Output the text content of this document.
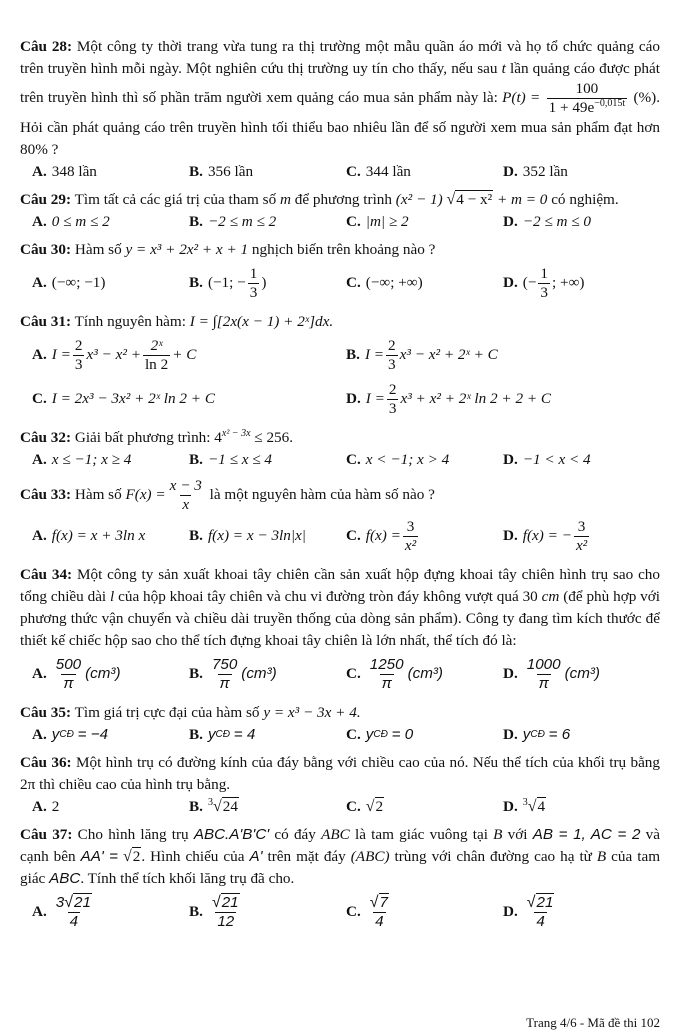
Câu 28: Một công ty thời trang vừa tung ra thị trường một mẫu quần áo mới và họ tổ chức quảng cáo trên truyền hình mỗi ngày. Một nghiên cứu thị trường uy tín cho thấy, nếu sau t lần quảng cáo được phát trên truyền hình thì số phần trăm người xem quảng cáo mua sản phẩm này là: $P(t) = \frac{100}{1 + 49e^{-0,015t}}$ (%). Hỏi cần phát quảng cáo trên truyền hình tối thiểu bao nhiêu lần để số người xem mua sản phẩm đạt hơn 80% ?

A. 348 lần	B. 356 lần	C. 344 lần	D. 352 lần

Câu 29: Tìm tất cả các giá trị của tham số m để phương trình (x² − 1) √4 − x² + m = 0 có nghiệm.

A. 0 ≤ m ≤ 2	B. −2 ≤ m ≤ 2	C. |m| ≥ 2	D. −2 ≤ m ≤ 0

Câu 30: Hàm số y = x³ + 2x² + x + 1 nghịch biến trên khoảng nào ?

A. (−∞; −1)	B. (−1; − $\frac{1}{3}$ )	C. (−∞; +∞)	D. (− $\frac{1}{3}$ ; +∞)

Câu 31: Tính nguyên hàm: I = ∫[2x(x − 1) + 2ˣ]dx.

A. $I = \frac{2}{3} x^3 - x^2 + \frac{\text{2ˣ}}{\ln 2} + C$	B. $I = \frac{2}{3} x^3 - x^2$ + 2ˣ + C
C. I = 2x³ − 3x² + 2ˣ ln 2 + C	D. $I = \frac{2}{3} x^3 + x^2$ + 2ˣ ln 2 + 2 + C

Câu 32: Giải bất phương trình: $4^{x^2 - 3x} \le 256$.

A. x ≤ −1; x ≥ 4	B. −1 ≤ x ≤ 4	C. x < −1; x > 4	D. −1 < x < 4

Câu 33: Hàm số $F(x) = \frac{x - 3}{x}$ là một nguyên hàm của hàm số nào ?

A. f(x) = x + 3ln x	B. f(x) = x − 3ln|x|	C. $f(x) = \frac{3}{\text{x²}}$	D. f(x) = − $\frac{3}{\text{x²}}$

Câu 34: Một công ty sản xuất khoai tây chiên cần sản xuất hộp đựng khoai tây chiên hình trụ sao cho tổng chiều dài l của hộp khoai tây chiên và chu vi đường tròn đáy không vượt quá 30 cm (để phù hợp với phương thức vận chuyển và chiều dài truyền thống của dòng sản phẩm). Công ty đang tìm kích thước để thiết kế chiếc hộp sao cho thể tích đựng khoai tây chiên là lớn nhất, thể tích đó là:

A.
500
π
(cm³)	B.
750
π
(cm³)	C.
1250
π
(cm³)	D.
1000
π
(cm³)

Câu 35: Tìm giá trị cực đại của hàm số y = x³ − 3x + 4.

A. y CĐ
= −4	B. y CĐ
= 4	C. y CĐ
= 0	D. y CĐ
= 6

Câu 36: Một hình trụ có đường kính của đáy bằng với chiều cao của nó. Nếu thể tích của khối trụ bằng 2π thì chiều cao của hình trụ bằng.

A. 2	B. $^3$√24	C. √2	D. $^3$√4

Câu 37: Cho hình lăng trụ ABC.A'B'C' có đáy ABC là tam giác vuông tại B với AB = 1, AC = 2 và cạnh bên AA' = √2. Hình chiếu của A' trên mặt đáy (ABC) trùng với chân đường cao hạ từ B của tam giác ABC. Tính thể tích khối lăng trụ đã cho.

A.
3√21
4
B.
√21
12
C.
√7
4
D.
√21
4
Trang 4/6 - Mã đề thi 102
